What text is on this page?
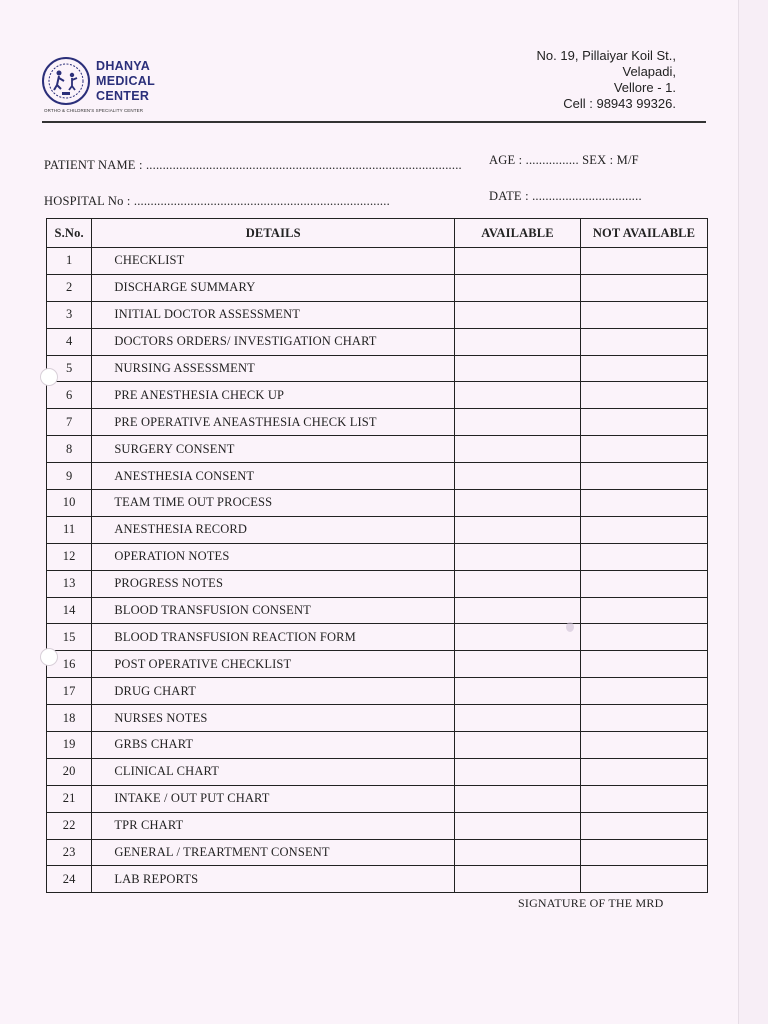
DHANYA
MEDICAL
CENTER
ORTHO & CHILDREN'S SPECIALITY CENTER
No. 19, Pillaiyar Koil St.,
Velapadi,
Vellore - 1.
Cell : 98943 99326.
PATIENT NAME : ............................................................................................... AGE : ................ SEX : M/F
HOSPITAL No : .............................................................................	DATE : .................................
S.No.	DETAILS	AVAILABLE	NOT AVAILABLE
1	CHECKLIST		
2	DISCHARGE SUMMARY		
3	INITIAL DOCTOR ASSESSMENT		
4	DOCTORS ORDERS/ INVESTIGATION CHART		
5	NURSING ASSESSMENT		
6	PRE ANESTHESIA CHECK UP		
7	PRE OPERATIVE ANEASTHESIA CHECK LIST		
8	SURGERY CONSENT		
9	ANESTHESIA CONSENT		
10	TEAM TIME OUT PROCESS		
11	ANESTHESIA RECORD		
12	OPERATION NOTES		
13	PROGRESS NOTES		
14	BLOOD TRANSFUSION CONSENT		
15	BLOOD TRANSFUSION REACTION FORM		
16	POST OPERATIVE CHECKLIST		
17	DRUG CHART		
18	NURSES NOTES		
19	GRBS CHART		
20	CLINICAL CHART		
21	INTAKE / OUT PUT CHART		
22	TPR CHART		
23	GENERAL / TREARTMENT CONSENT		
24	LAB REPORTS		
SIGNATURE OF THE MRD
